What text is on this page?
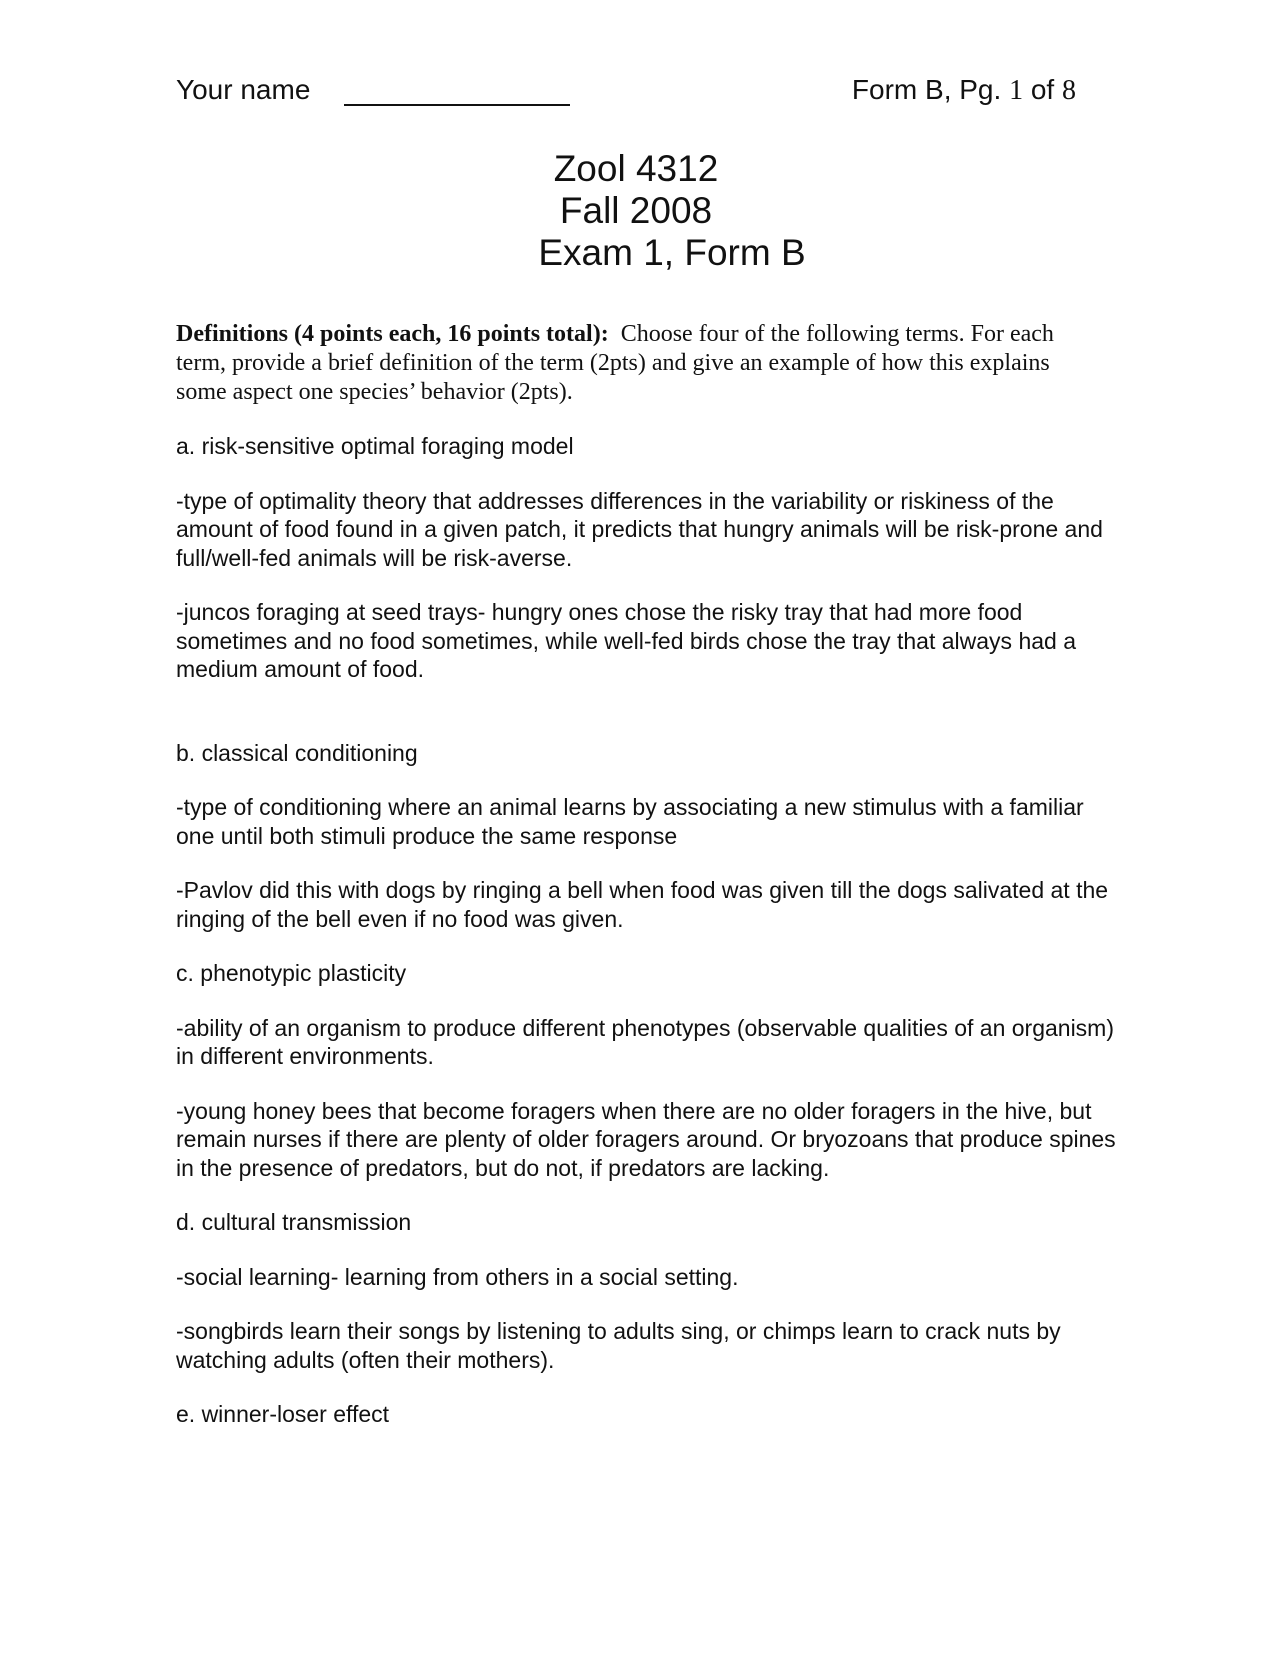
Your name	Form B, Pg. 1 of 8
Zool 4312
Fall 2008
Exam 1, Form B
Definitions (4 points each, 16 points total): Choose four of the following terms. For each term, provide a brief definition of the term (2pts) and give an example of how this explains some aspect one species’ behavior (2pts).

a. risk-sensitive optimal foraging model

-type of optimality theory that addresses differences in the variability or riskiness of the amount of food found in a given patch, it predicts that hungry animals will be risk-prone and full/well-fed animals will be risk-averse.

-juncos foraging at seed trays- hungry ones chose the risky tray that had more food sometimes and no food sometimes, while well-fed birds chose the tray that always had a medium amount of food.

b. classical conditioning

-type of conditioning where an animal learns by associating a new stimulus with a familiar one until both stimuli produce the same response

-Pavlov did this with dogs by ringing a bell when food was given till the dogs salivated at the ringing of the bell even if no food was given.

c. phenotypic plasticity

-ability of an organism to produce different phenotypes (observable qualities of an organism) in different environments.

-young honey bees that become foragers when there are no older foragers in the hive, but remain nurses if there are plenty of older foragers around. Or bryozoans that produce spines in the presence of predators, but do not, if predators are lacking.

d. cultural transmission

-social learning- learning from others in a social setting.

-songbirds learn their songs by listening to adults sing, or chimps learn to crack nuts by watching adults (often their mothers).

e. winner-loser effect
